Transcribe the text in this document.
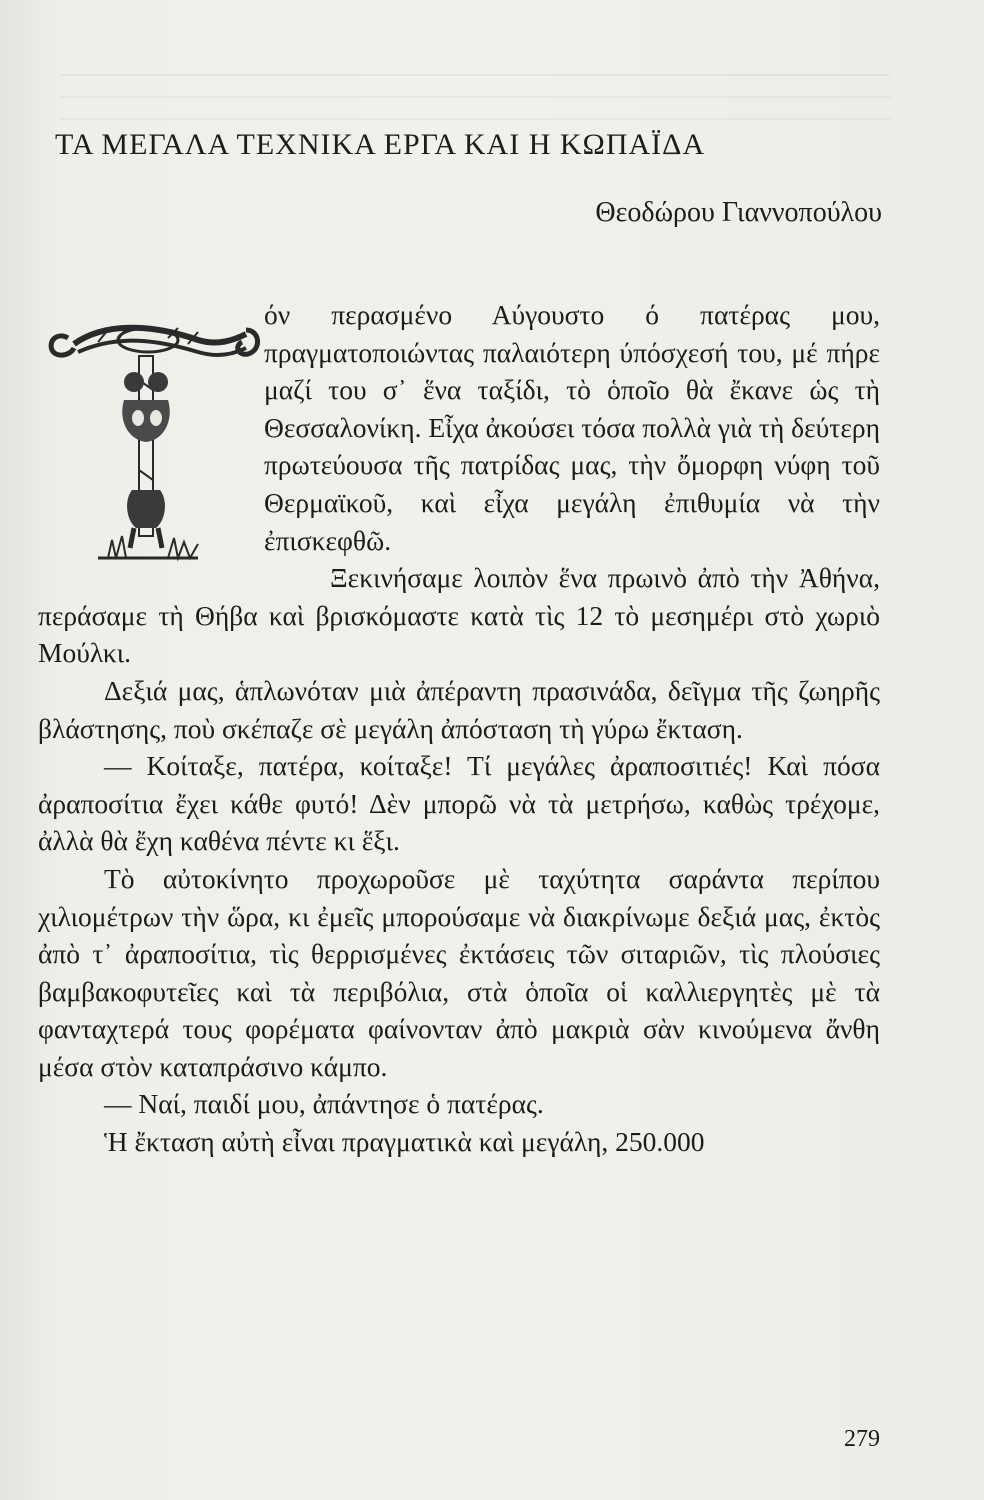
ΤΑ ΜΕΓΑΛΑ ΤΕΧΝΙΚΑ ΕΡΓΑ ΚΑΙ Η ΚΩΠΑΪΔΑ
Θεοδώρου Γιαννοπούλου

όν περασμένο Αύγουστο ό πατέρας μου, πραγματοποιώντας παλαιότερη ύπόσχεσή του, μέ πήρε μαζί του σ᾽ ἕνα ταξίδι, τὸ ὁποῖο θὰ ἔκανε ὡς τὴ Θεσσαλονίκη. Εἶχα ἀκούσει τόσα πολλὰ γιὰ τὴ δεύτερη πρωτεύουσα τῆς πατρίδας μας, τὴν ὄμορφη νύφη τοῦ Θερμαϊκοῦ, καὶ εἶχα μεγάλη ἐπιθυμία νὰ τὴν ἐπισκεφθῶ.

Ξεκινήσαμε λοιπὸν ἕνα πρωινὸ ἀπὸ τὴν Ἀθήνα, περάσαμε τὴ Θήβα καὶ βρισκόμαστε κατὰ τὶς 12 τὸ μεσημέρι στὸ χωριὸ Μούλκι.

Δεξιά μας, ἁπλωνόταν μιὰ ἀπέραντη πρασινάδα, δεῖγμα τῆς ζωηρῆς βλάστησης, ποὺ σκέπαζε σὲ μεγάλη ἀπόσταση τὴ γύρω ἔκταση.

— Κοίταξε, πατέρα, κοίταξε! Τί μεγάλες ἀραποσιτιές! Καὶ πόσα ἀραποσίτια ἔχει κάθε φυτό! Δὲν μπορῶ νὰ τὰ μετρήσω, καθὼς τρέχομε, ἀλλὰ θὰ ἔχη καθένα πέντε κι ἕξι.

Τὸ αὐτοκίνητο προχωροῦσε μὲ ταχύτητα σαράντα περίπου χιλιομέτρων τὴν ὥρα, κι ἐμεῖς μπορούσαμε νὰ διακρίνωμε δεξιά μας, ἐκτὸς ἀπὸ τ᾽ ἀραποσίτια, τὶς θερρισμένες ἐκτάσεις τῶν σιταριῶν, τὶς πλούσιες βαμβακοφυτεῖες καὶ τὰ περιβόλια, στὰ ὁποῖα οἱ καλλιεργητὲς μὲ τὰ φανταχτερά τους φορέματα φαίνονταν ἀπὸ μακριὰ σὰν κινούμενα ἄνθη μέσα στὸν καταπράσινο κάμπο.

— Ναί, παιδί μου, ἀπάντησε ὁ πατέρας.

Ἡ ἔκταση αὐτὴ εἶναι πραγματικὰ καὶ μεγάλη, 250.000

279
